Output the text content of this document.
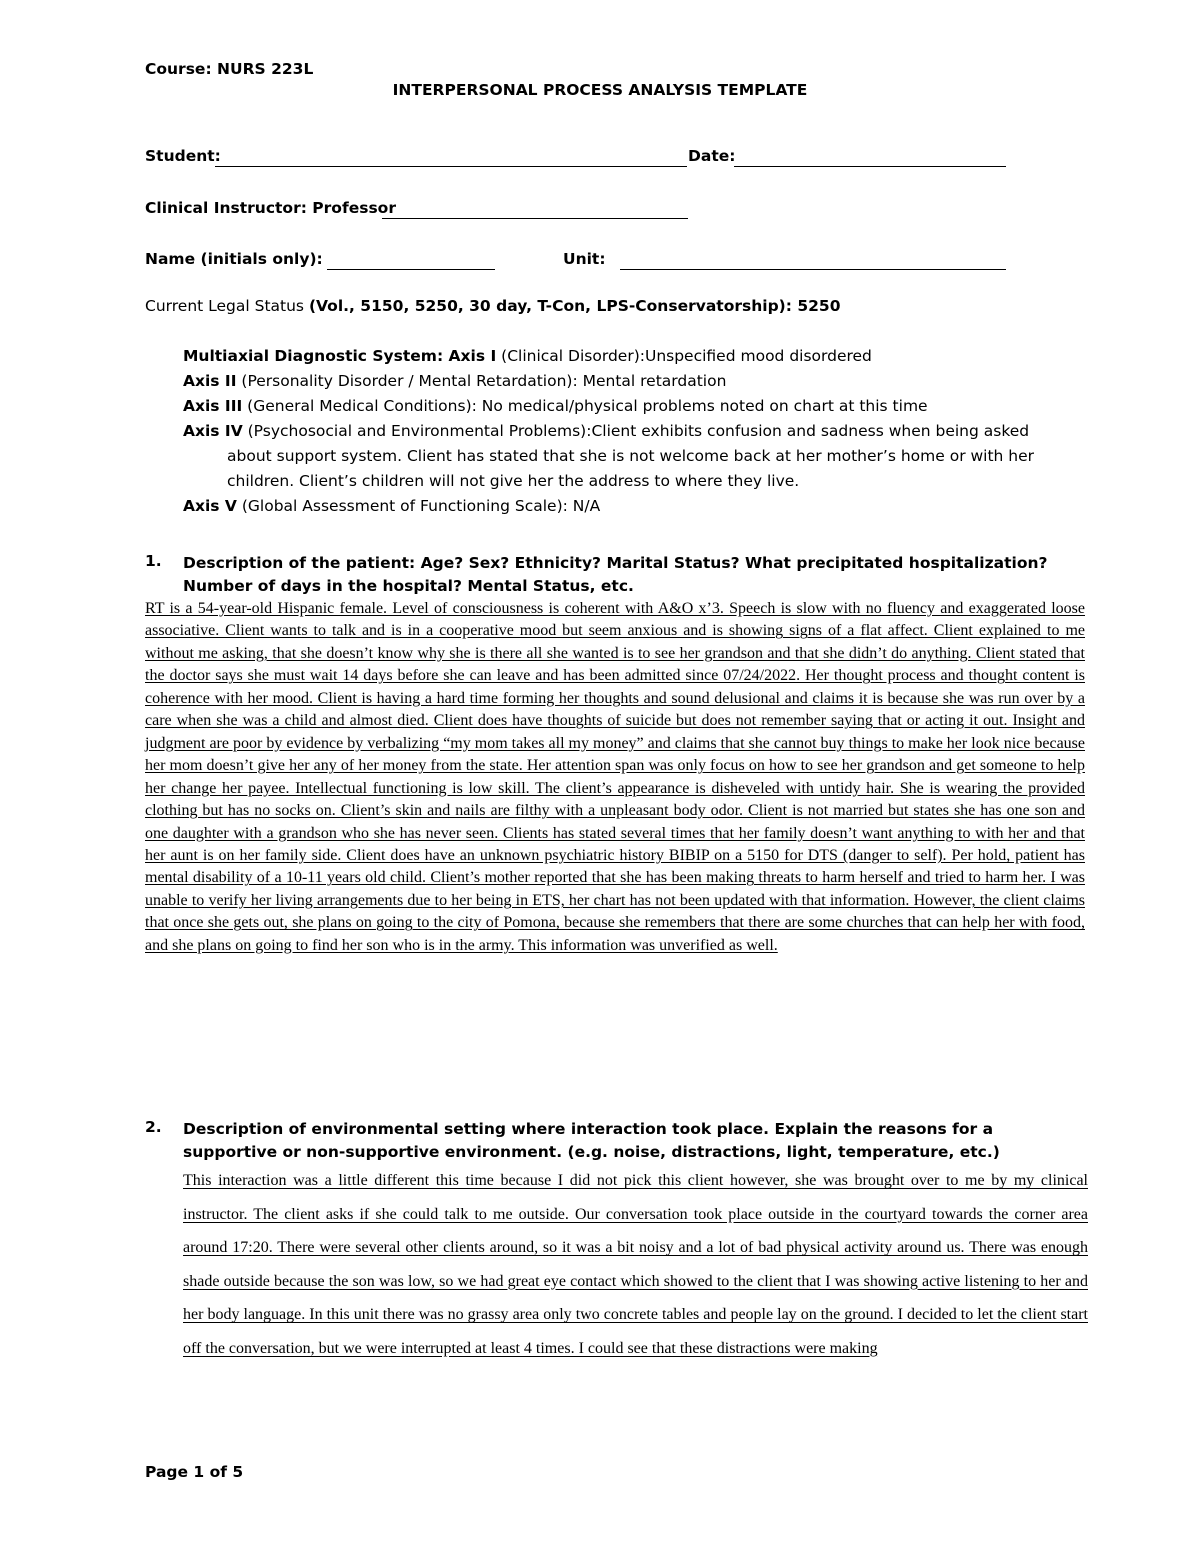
Course: NURS 223L
INTERPERSONAL PROCESS ANALYSIS TEMPLATE
Student:	Date:
Clinical Instructor: Professor
Name (initials only):	Unit:
Current Legal Status (Vol., 5150, 5250, 30 day, T-Con, LPS-Conservatorship): 5250
Multiaxial Diagnostic System: Axis I (Clinical Disorder):Unspecified mood disordered
Axis II (Personality Disorder / Mental Retardation): Mental retardation
Axis III (General Medical Conditions): No medical/physical problems noted on chart at this time
Axis IV (Psychosocial and Environmental Problems):Client exhibits confusion and sadness when being asked
about support system. Client has stated that she is not welcome back at her mother’s home or with her children. Client’s children will not give her the address to where they live.
Axis V (Global Assessment of Functioning Scale): N/A
1. Description of the patient: Age? Sex? Ethnicity? Marital Status? What precipitated hospitalization? Number of days in the hospital? Mental Status, etc.
RT is a 54-year-old Hispanic female. Level of consciousness is coherent with A&O x’3. Speech is slow with no fluency and exaggerated loose associative. Client wants to talk and is in a cooperative mood but seem anxious and is showing signs of a flat affect. Client explained to me without me asking, that she doesn’t know why she is there all she wanted is to see her grandson and that she didn’t do anything. Client stated that the doctor says she must wait 14 days before she can leave and has been admitted since 07/24/2022. Her thought process and thought content is coherence with her mood. Client is having a hard time forming her thoughts and sound delusional and claims it is because she was run over by a care when she was a child and almost died. Client does have thoughts of suicide but does not remember saying that or acting it out. Insight and judgment are poor by evidence by verbalizing “my mom takes all my money” and claims that she cannot buy things to make her look nice because her mom doesn’t give her any of her money from the state. Her attention span was only focus on how to see her grandson and get someone to help her change her payee. Intellectual functioning is low skill. The client’s appearance is disheveled with untidy hair. She is wearing the provided clothing but has no socks on. Client’s skin and nails are filthy with a unpleasant body odor. Client is not married but states she has one son and one daughter with a grandson who she has never seen. Clients has stated several times that her family doesn’t want anything to with her and that her aunt is on her family side. Client does have an unknown psychiatric history BIBIP on a 5150 for DTS (danger to self). Per hold, patient has mental disability of a 10-11 years old child. Client’s mother reported that she has been making threats to harm herself and tried to harm her. I was unable to verify her living arrangements due to her being in ETS, her chart has not been updated with that information. However, the client claims that once she gets out, she plans on going to the city of Pomona, because she remembers that there are some churches that can help her with food, and she plans on going to find her son who is in the army. This information was unverified as well.
2. Description of environmental setting where interaction took place. Explain the reasons for a supportive or non-supportive environment. (e.g. noise, distractions, light, temperature, etc.)
This interaction was a little different this time because I did not pick this client however, she was brought over to me by my clinical instructor. The client asks if she could talk to me outside. Our conversation took place outside in the courtyard towards the corner area around 17:20. There were several other clients around, so it was a bit noisy and a lot of bad physical activity around us. There was enough shade outside because the son was low, so we had great eye contact which showed to the client that I was showing active listening to her and her body language. In this unit there was no grassy area only two concrete tables and people lay on the ground. I decided to let the client start off the conversation, but we were interrupted at least 4 times. I could see that these distractions were making
Page 1 of 5
